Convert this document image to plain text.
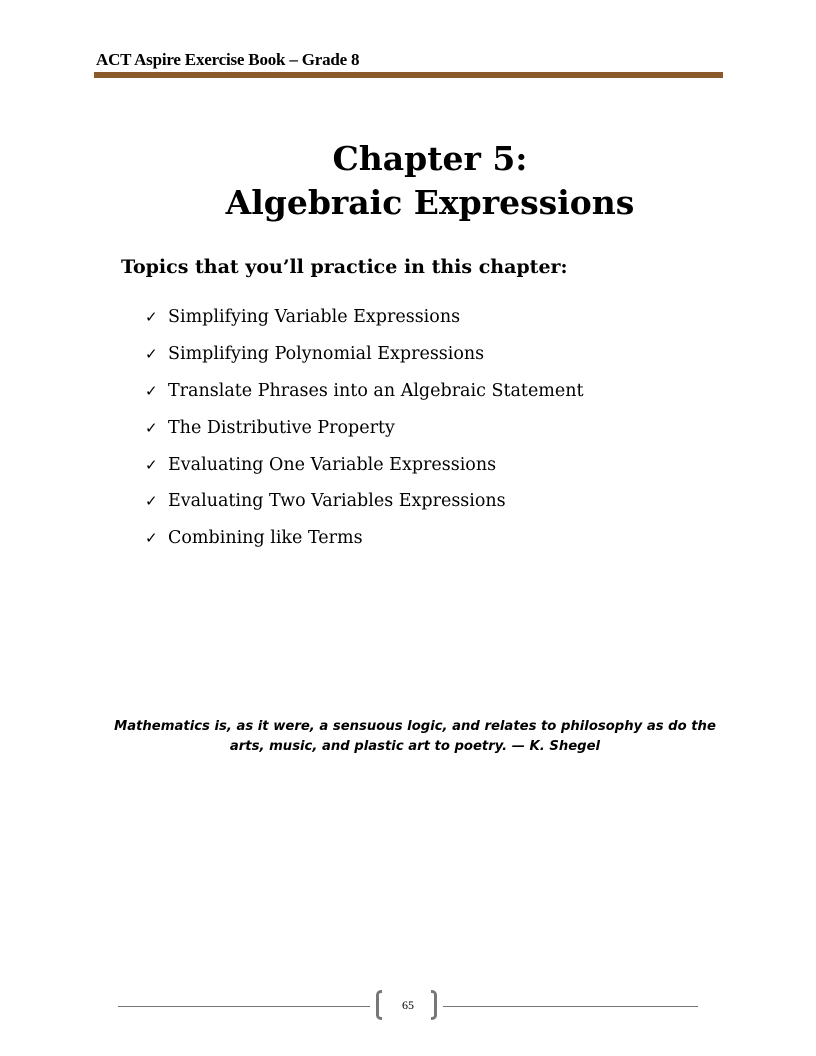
ACT Aspire Exercise Book – Grade 8
Chapter 5:
Algebraic Expressions
Topics that you’ll practice in this chapter:
✓ Simplifying Variable Expressions
✓ Simplifying Polynomial Expressions
✓ Translate Phrases into an Algebraic Statement
✓ The Distributive Property
✓ Evaluating One Variable Expressions
✓ Evaluating Two Variables Expressions
✓ Combining like Terms
Mathematics is, as it were, a sensuous logic, and relates to philosophy as do the
arts, music, and plastic art to poetry. — K. Shegel
65
